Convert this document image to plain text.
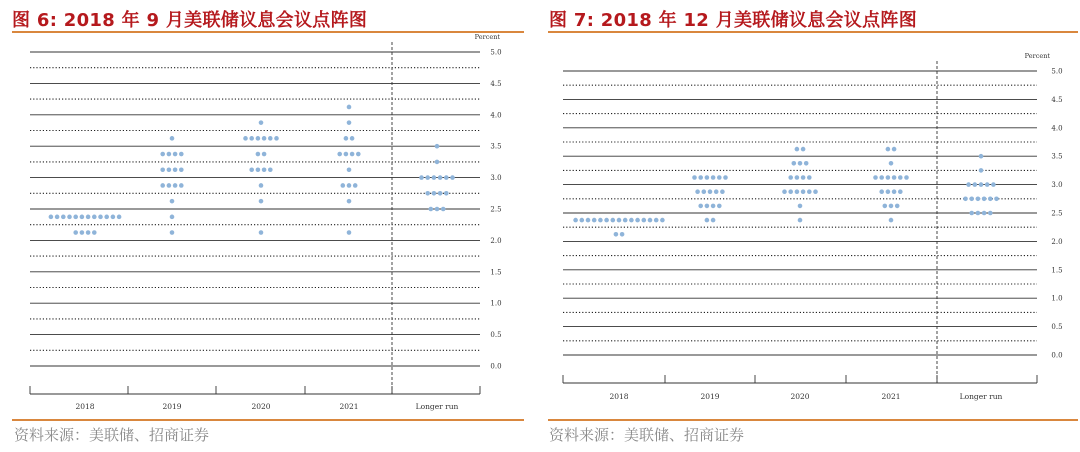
图 6: 2018 年 9 月美联储议息会议点阵图
0.0
0.5
1.0
1.5
2.0
2.5
3.0
3.5
4.0
4.5
5.0
Percent
2018	2019	2020	2021	Longer run
资料来源：美联储、招商证券
图 7: 2018 年 12 月美联储议息会议点阵图
0.0
0.5
1.0
1.5
2.0
2.5
3.0
3.5
4.0
4.5
5.0
Percent
2018	2019	2020	2021	Longer run
资料来源：美联储、招商证券
